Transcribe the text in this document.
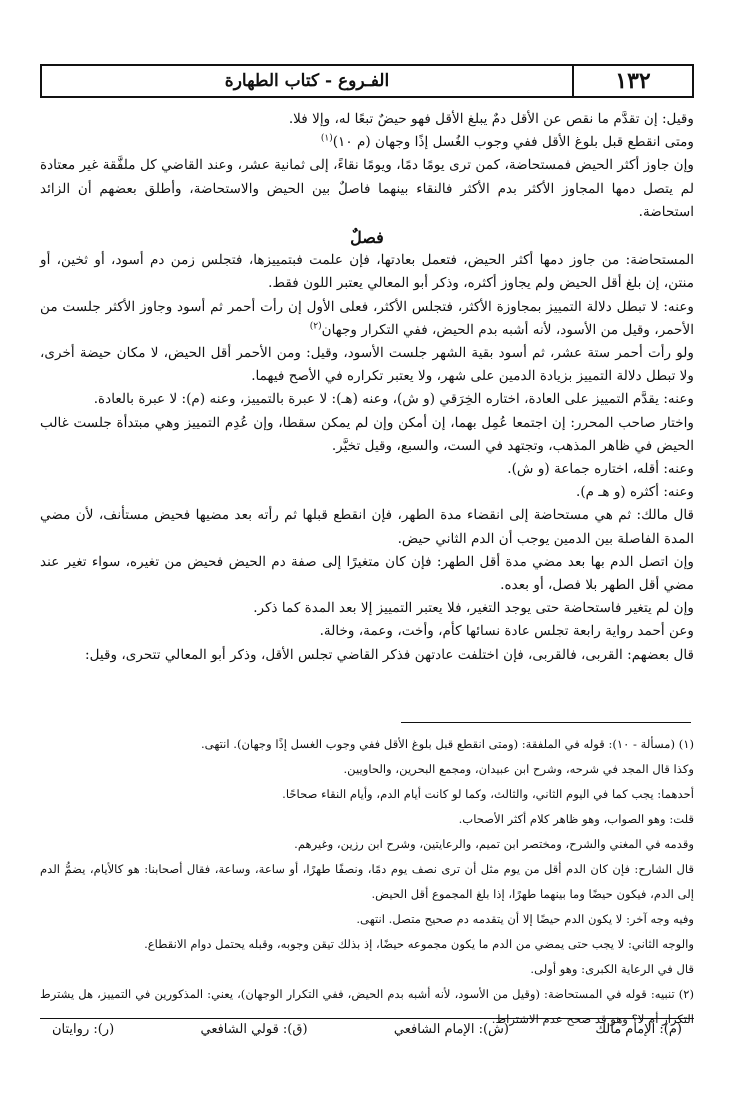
١٣٢
الفـروع - كتاب الطهارة

وقيل: إن تقدَّم ما نقص عن الأقل دمٌ يبلغ الأقل فهو حيضٌ تبعًا له، وإلا فلا.

ومتى انقطع قبل بلوغ الأقل ففي وجوب الغُسل إذًا وجهان (م ١٠)$^{(١)}$

وإن جاوز أكثر الحيض فمستحاضة، كمن ترى يومًا دمًا، ويومًا نقاءً، إلى ثمانية عشر، وعند القاضي كل ملفَّقة غير معتادة لم يتصل دمها المجاوز الأكثر بدم الأكثر فالنقاء بينهما فاصلٌ بين الحيض والاستحاضة، وأطلق بعضهم أن الزائد استحاضة.

فصلٌ

المستحاضة: من جاوز دمها أكثر الحيض، فتعمل بعادتها، فإن علمت فبتمييزها، فتجلس زمن دم أسود، أو ثخين، أو منتن، إن بلغ أقل الحيض ولم يجاوز أكثره، وذكر أبو المعالي يعتبر اللون فقط.

وعنه: لا تبطل دلالة التمييز بمجاوزة الأكثر، فتجلس الأكثر، فعلى الأول إن رأت أحمر ثم أسود وجاوز الأكثر جلست من الأحمر، وقيل من الأسود، لأنه أشبه بدم الحيض، ففي التكرار وجهان$^{(٢)}$

ولو رأت أحمر ستة عشر، ثم أسود بقية الشهر جلست الأسود، وقيل: ومن الأحمر أقل الحيض، لا مكان حيضة أخرى، ولا تبطل دلالة التمييز بزيادة الدمين على شهر، ولا يعتبر تكراره في الأصح فيهما.

وعنه: يقدَّم التمييز على العادة، اختاره الخِرَقي (و ش)، وعنه (هـ): لا عبرة بالتمييز، وعنه (م): لا عبرة بالعادة.

واختار صاحب المحرر: إن اجتمعا عُمِل بهما، إن أمكن وإن لم يمكن سقطا، وإن عُدِم التمييز وهي مبتدأة جلست غالب الحيض في ظاهر المذهب، وتجتهد في الست، والسبع، وقيل تخيَّر.

وعنه: أقله، اختاره جماعة (و ش).

وعنه: أكثره (و هـ م).

قال مالك: ثم هي مستحاضة إلى انقضاء مدة الطهر، فإن انقطع قبلها ثم رأته بعد مضيها فحيض مستأنف، لأن مضي المدة الفاصلة بين الدمين يوجب أن الدم الثاني حيض.

وإن اتصل الدم بها بعد مضي مدة أقل الطهر: فإن كان متغيرًا إلى صفة دم الحيض فحيض من تغيره، سواء تغير عند مضي أقل الطهر بلا فصل، أو بعده.

وإن لم يتغير فاستحاضة حتى يوجد التغير، فلا يعتبر التمييز إلا بعد المدة كما ذكر.

وعن أحمد رواية رابعة تجلس عادة نسائها كأم، وأخت، وعمة، وخالة.

قال بعضهم: القربى، فالقربى، فإن اختلفت عادتهن فذكر القاضي تجلس الأقل، وذكر أبو المعالي تتحرى، وقيل:

(١) (مسألة - ١٠): قوله في الملفقة: (ومتى انقطع قبل بلوغ الأقل ففي وجوب الغسل إذًا وجهان). انتهى.

وكذا قال المجد في شرحه، وشرح ابن عبيدان، ومجمع البحرين، والحاويين.

أحدهما: يجب كما في اليوم الثاني، والثالث، وكما لو كانت أيام الدم، وأيام النقاء صحاحًا.

قلت: وهو الصواب، وهو ظاهر كلام أكثر الأصحاب.

وقدمه في المغني والشرح، ومختصر ابن تميم، والرعايتين، وشرح ابن رزين، وغيرهم.

قال الشارح: فإن كان الدم أقل من يوم مثل أن ترى نصف يوم دمًا، ونصفًا طهرًا، أو ساعة، وساعة، فقال أصحابنا: هو كالأيام، يضمُّ الدم إلى الدم، فيكون حيضًا وما بينهما طهرًا، إذا بلغ المجموع أقل الحيض.

وفيه وجه آخر: لا يكون الدم حيضًا إلا أن يتقدمه دم صحيح متصل. انتهى.

والوجه الثاني: لا يجب حتى يمضي من الدم ما يكون مجموعه حيضًا، إذ بذلك تيقن وجوبه، وقبله يحتمل دوام الانقطاع.

قال في الرعاية الكبرى: وهو أولى.

(٢) تنبيه: قوله في المستحاضة: (وقيل من الأسود، لأنه أشبه بدم الحيض، ففي التكرار الوجهان)، يعني: المذكورين في التمييز، هل يشترط التكرار أم لا؟ وهو قد صحح عدم الاشتراط.

(م): الإمام مالك
(ش): الإمام الشافعي
(ق): قولي الشافعي
(ر): روايتان
